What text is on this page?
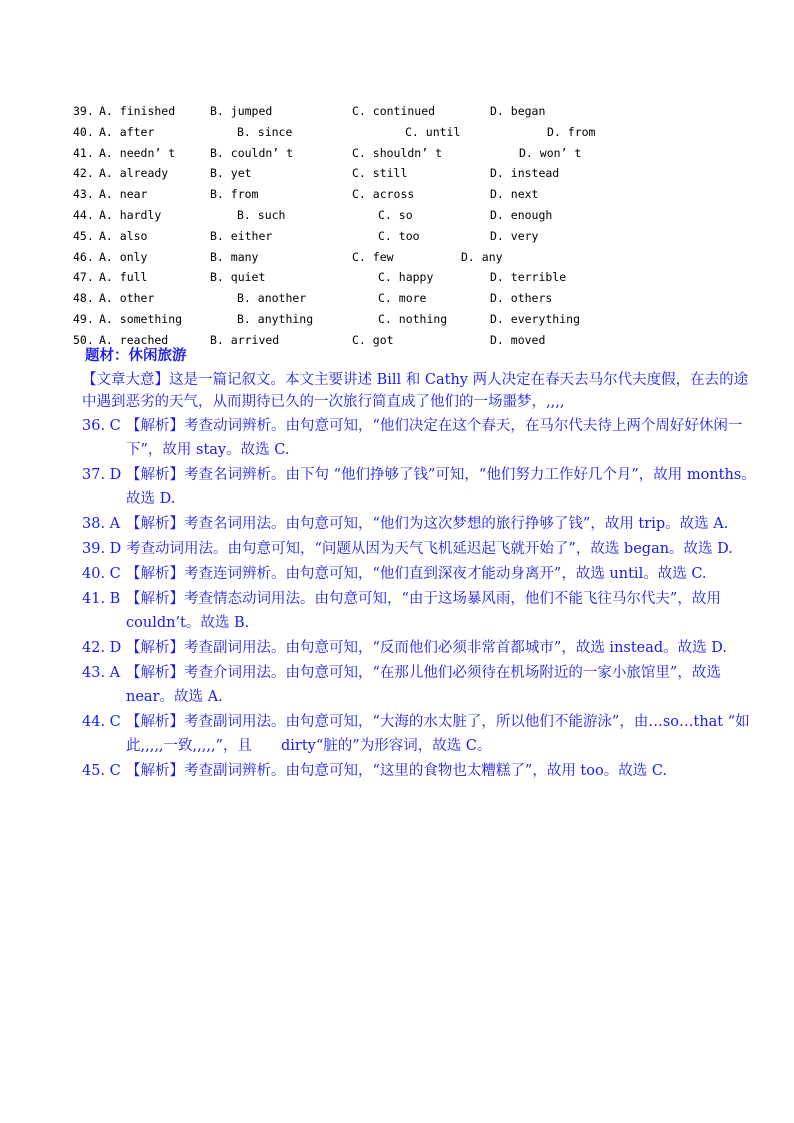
39. A. finished	B. jumped	C. continued	D. began
40. A. after	B. since	C. until	D. from
41. A. needn’ t	B. couldn’ t	C. shouldn’ t	D. won’ t
42. A. already	B. yet	C. still	D. instead
43. A. near	B. from	C. across	D. next
44. A. hardly	B. such	C. so	D. enough
45. A. also	B. either	C. too	D. very
46. A. only	B. many	C. few	D. any
47. A. full	B. quiet	C. happy	D. terrible
48. A. other	B. another	C. more	D. others
49. A. something	B. anything	C. nothing	D. everything
50. A. reached	B. arrived	C. got	D. moved
题材：休闲旅游
【文章大意】这是一篇记叙文。本文主要讲述 Bill 和 Cathy 两人决定在春天去马尔代夫度假，在去的途中遇到恶劣的天气，从而期待已久的一次旅行简直成了他们的一场噩梦，,,,,
36. C 【解析】考查动词辨析。由句意可知，“他们决定在这个春天，在马尔代夫待上两个周好好休闲一下”，故用 stay。故选 C.
37. D 【解析】考查名词辨析。由下句 “他们挣够了钱”可知，“他们努力工作好几个月”，故用 months。故选 D.
38. A 【解析】考查名词用法。由句意可知，“他们为这次梦想的旅行挣够了钱”，故用 trip。故选 A.
39. D 考查动词用法。由句意可知，“问题从因为天气飞机延迟起飞就开始了”，故选 began。故选 D.
40. C 【解析】考查连词辨析。由句意可知，“他们直到深夜才能动身离开”，故选 until。故选 C.
41. B 【解析】考查情态动词用法。由句意可知，“由于这场暴风雨，他们不能飞往马尔代夫”，故用 couldn’t。故选 B.
42. D 【解析】考查副词用法。由句意可知，“反而他们必须非常首都城市”，故选 instead。故选 D.
43. A 【解析】考查介词用法。由句意可知，“在那儿他们必须待在机场附近的一家小旅馆里”，故选 near。故选 A.
44. C 【解析】考查副词用法。由句意可知，“大海的水太脏了，所以他们不能游泳”，由…so…that “如此,,,,,一致,,,,,”，且　　dirty“脏的”为形容词，故选 C。
45. C 【解析】考查副词辨析。由句意可知，“这里的食物也太糟糕了”，故用 too。故选 C.
